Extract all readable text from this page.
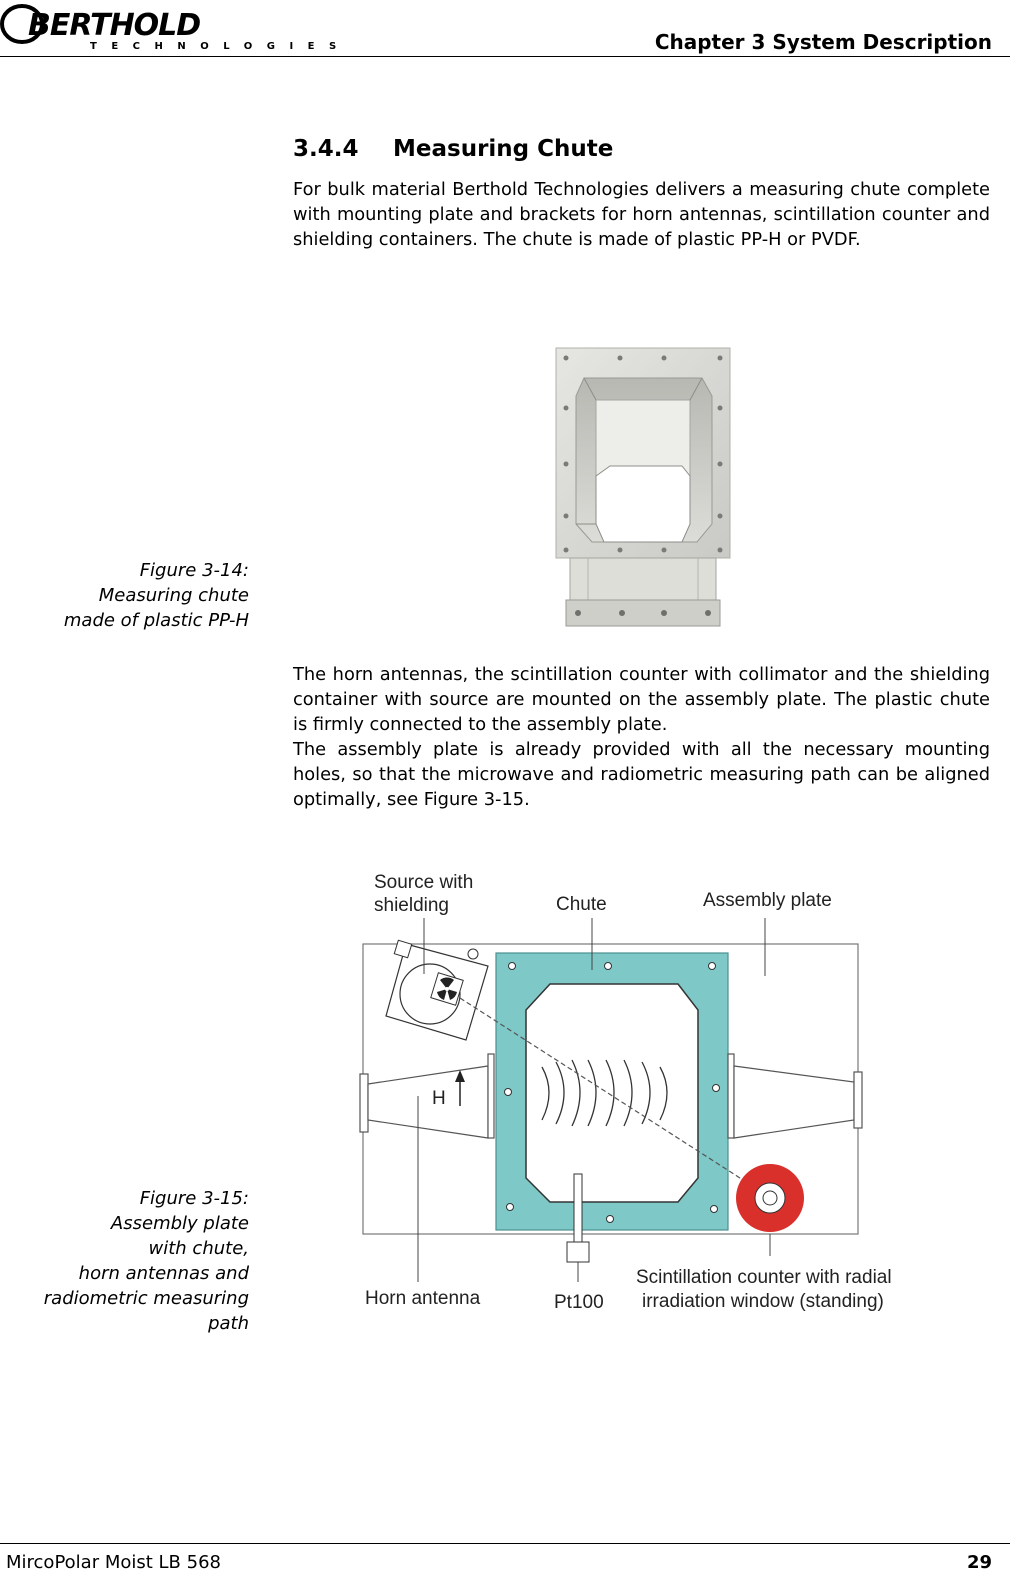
BERTHOLD
TECHNOLOGIES	Chapter 3 System Description
3.4.4 Measuring Chute
For bulk material Berthold Technologies delivers a measuring chute complete with mounting plate and brackets for horn antennas, scintillation counter and shielding containers. The chute is made of plastic PP-H or PVDF.
The horn antennas, the scintillation counter with collimator and the shielding container with source are mounted on the assembly plate. The plastic chute is firmly connected to the assembly plate.
The assembly plate is already provided with all the necessary mounting holes, so that the microwave and radiometric measuring path can be aligned optimally, see Figure 3-15.
Figure 3-14:
Measuring chute
made of plastic PP-H
Figure 3-15:
Assembly plate
with chute,
horn antennas and
radiometric measuring
path
Source with
shielding	Chute	Assembly plate
H
Horn antenna	Pt100
Scintillation counter with radial
irradiation window (standing)
MircoPolar Moist LB 568	29
